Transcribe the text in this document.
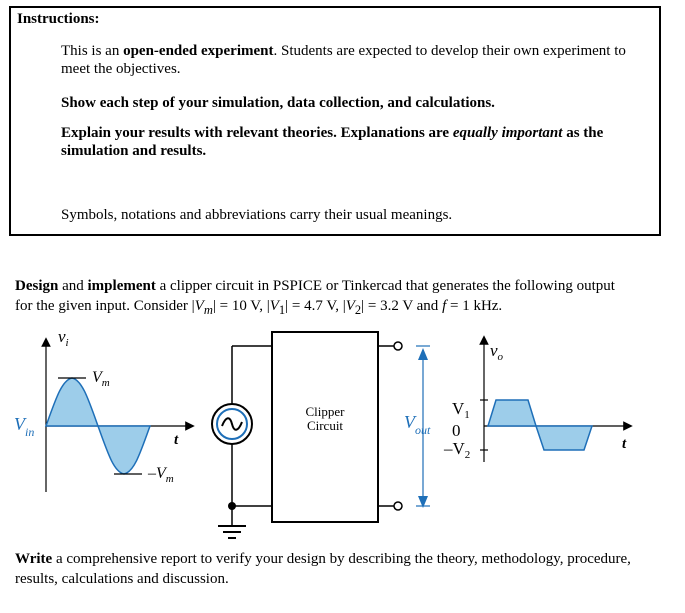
Instructions:
This is an open-ended experiment. Students are expected to develop their own experiment to meet the objectives.
Show each step of your simulation, data collection, and calculations.
Explain your results with relevant theories. Explanations are equally important as the simulation and results.
Symbols, notations and abbreviations carry their usual meanings.
Design and implement a clipper circuit in PSPICE or Tinkercad that generates the following output for the given input. Consider $|V_m| = 10$ V, $|V_1| = 4.7$ V, $|V_2| = 3.2$ V and f = 1 kHz.
$v_i$
$V_m$
$-V_m$
t
$V_{in}$
Clipper
Circuit	$V_{out}$
$V_1$
0
$-V_2$
$v_o$
t
Write a comprehensive report to verify your design by describing the theory, methodology, procedure, results, calculations and discussion.
